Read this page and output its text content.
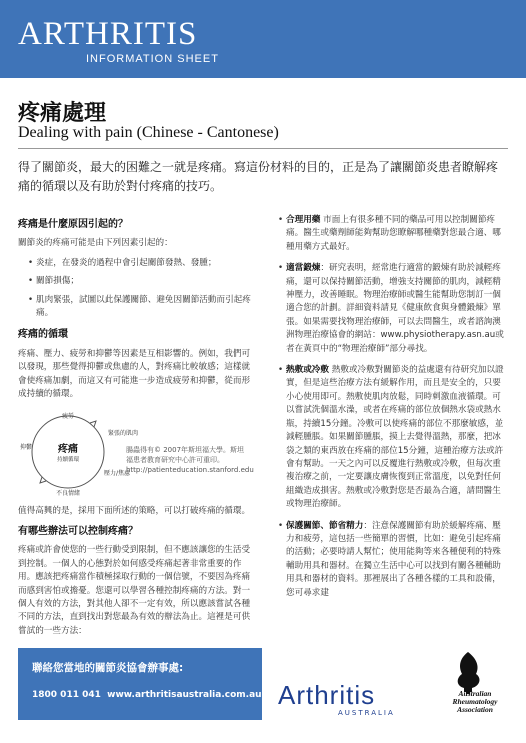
ARTHRITIS
INFORMATION SHEET
疼痛處理
Dealing with pain (Chinese - Cantonese)
得了關節炎，最大的困難之一就是疼痛。寫這份材料的目的，正是為了讓關節炎患者瞭解疼痛的循環以及有助於對付疼痛的技巧。
疼痛是什麼原因引起的？

關節炎的疼痛可能是由下列因素引起的：

• 炎症，在發炎的過程中會引起關節發熱、發腫；
• 關節損傷；
• 肌肉緊張，試圖以此保護關節、避免因關節活動而引起疼痛。
疼痛的循環

疼痛、壓力、疲勞和抑鬱等因素是互相影響的。例如，我們可以發現，那些覺得抑鬱或焦慮的人，對疼痛比較敏感；這樣就會使疼痛加劇，而這又有可能進一步造成疲勞和抑鬱，從而形成持續的循環。

疲勞
緊張的肌肉
壓力/焦慮
不良情緒
抑鬱	疼痛
持續循環
腸蟲得有© 2007年斯坦福大學。斯坦福患者教育研究中心許可重印。http://patienteducation.stanford.edu

值得高興的是，採用下面所述的策略，可以打破疼痛的循環。

有哪些辦法可以控制疼痛？

疼痛或許會使您的一些行動受到限制，但不應該讓您的生活受到控制。一個人的心態對於如何感受疼痛起著非常重要的作用。應該把疼痛當作積極採取行動的一個信號，不要因為疼痛而感到害怕或擔憂。您還可以學習各種控制疼痛的方法。對一個人有效的方法，對其他人卻不一定有效，所以應該嘗試各種不同的方法，直到找出對您最為有效的辦法為止。這裡是可供嘗試的一些方法：

• 合理用藥 市面上有很多種不同的藥品可用以控制關節疼痛。醫生或藥劑師能夠幫助您瞭解哪種藥對您最合適、哪種用藥方式最好。
• 適當鍛煉：研究表明，經常進行適當的鍛煉有助於減輕疼痛，還可以保持關節活動，增強支持關節的肌肉，減輕精神壓力，改善睡眠。物理治療師或醫生能幫助您制訂一個適合您的計劃。詳細資料請見《健康飲食與身體鍛煉》單張。如果需要找物理治療師，可以去問醫生，或者諮詢澳洲物理治療協會的網站：www.physiotherapy.asn.au或者在黃頁中的“物理治療師”部分尋找。
• 熱敷或冷敷 熱敷或冷敷對關節炎的益處還有待研究加以證實，但是這些治療方法有緩解作用，而且是安全的，只要小心使用即可。熱敷使肌肉放鬆，同時刺激血液循環。可以嘗試洗個溫水澡，或者在疼痛的部位放個熱水袋或熱水瓶，持續15分鐘。冷敷可以使疼痛的部位不那麼敏感，並減輕腫脹。如果關節腫脹，摸上去覺得溫熱，那麼，把冰袋之類的東西放在疼痛的部位15分鐘，這種治療方法或許會有幫助。一天之內可以反覆進行熱敷或冷敷，但每次重複治療之前，一定要讓皮膚恢復到正常溫度，以免對任何組織造成損害。熱敷或冷敷對您是否最為合適，請問醫生或物理治療師。
• 保護關節、節省精力：注意保護關節有助於緩解疼痛、壓力和疲勞，這包括一些簡單的習慣，比如：避免引起疼痛的活動；必要時請人幫忙；使用能夠等來各種便利的特殊輔助用具和器材。在獨立生活中心可以找到有關各種輔助用具和器材的資料。那裡展出了各種各樣的工具和設備，您可尋求建
聯絡您當地的關節炎協會辦事處:
1800 011 041 www.arthritisaustralia.com.au Arthritis
AUSTRALIA
Australian
Rheumatology
Association
